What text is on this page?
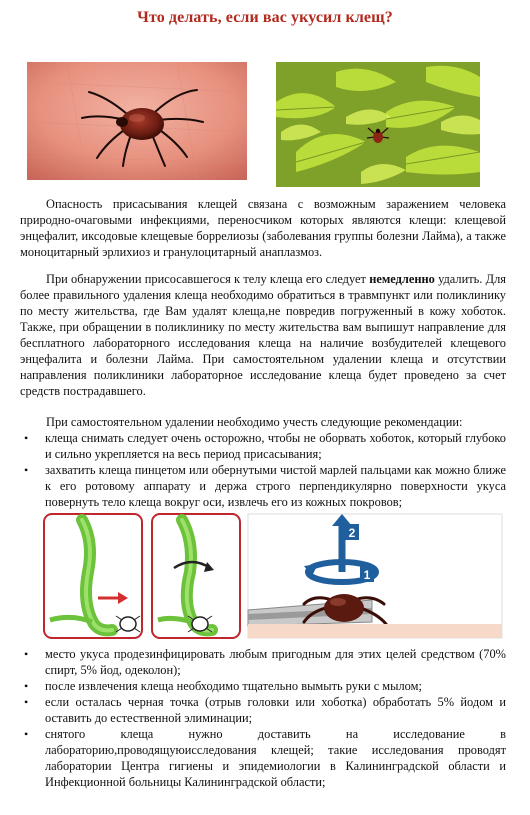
Что делать, если вас укусил клещ?

Опасность присасывания клещей связана с возможным заражением человека природно-очаговыми инфекциями, переносчиком которых являются клещи: клещевой энцефалит, иксодовые клещевые боррелиозы (заболевания группы болезни Лайма), а также моноцитарный эрлихиоз и гранулоцитарный анаплазмоз.

При обнаружении присосавшегося к телу клеща его следует немедленно удалить. Для более правильного удаления клеща необходимо обратиться в травмпункт или поликлинику по месту жительства, где Вам удалят клеща,не повредив погруженный в кожу хоботок. Также, при обращении в поликлинику по месту жительства вам выпишут направление для бесплатного лабораторного исследования клеща на наличие возбудителей клещевого энцефалита и болезни Лайма. При самостоятельном удалении клеща и отсутствии направления поликлиники лабораторное исследование клеща будет проведено за счет средств пострадавшего.

При самостоятельном удалении необходимо учесть следующие рекомендации:

• клеща снимать следует очень осторожно, чтобы не оборвать хоботок, который глубоко и сильно укрепляется на весь период присасывания;
• захватить клеща пинцетом или обернутыми чистой марлей пальцами как можно ближе к его ротовому аппарату и держа строго перпендикулярно поверхности укуса повернуть тело клеща вокруг оси, извлечь его из кожных покровов;
2
1
• место укуса продезинфицировать любым пригодным для этих целей средством (70% спирт, 5% йод, одеколон);
• после извлечения клеща необходимо тщательно вымыть руки с мылом;
• если осталась черная точка (отрыв головки или хоботка) обработать 5% йодом и оставить до естественной элиминации;
• снятого клеща нужно доставить на исследование в лабораторию,проводящуюисследования клещей; такие исследования проводят лаборатории Центра гигиены и эпидемиологии в Калининградской области и Инфекционной больницы Калининградской области;
